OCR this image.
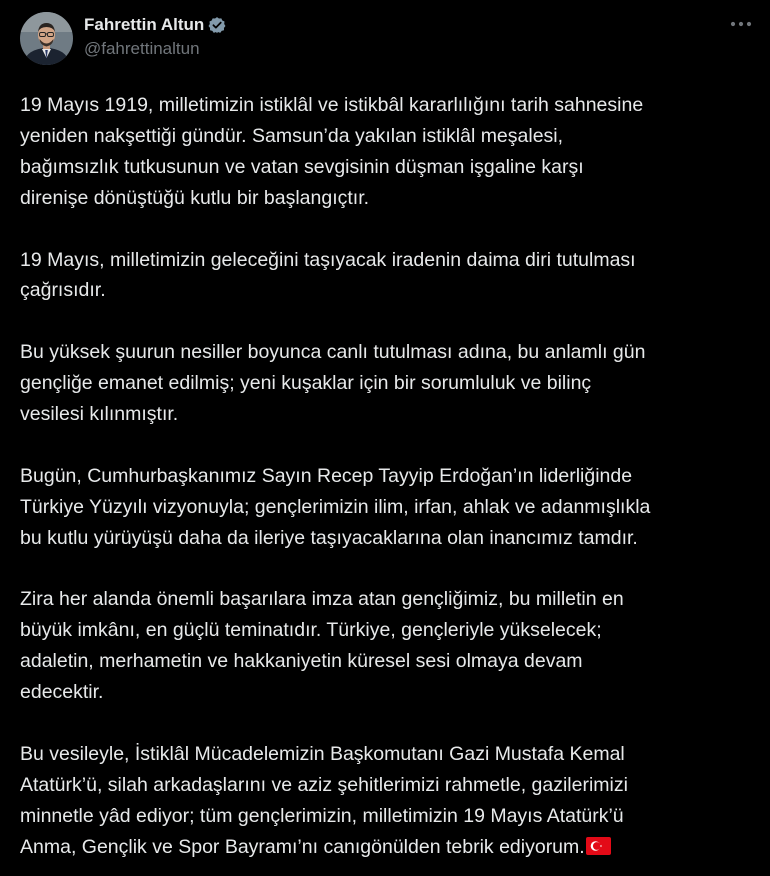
Fahrettin Altun
@fahrettinaltun

19 Mayıs 1919, milletimizin istiklâl ve istikbâl kararlılığını tarih sahnesine
yeniden nakşettiği gündür. Samsun’da yakılan istiklâl meşalesi,
bağımsızlık tutkusunun ve vatan sevgisinin düşman işgaline karşı
direnişe dönüştüğü kutlu bir başlangıçtır.

19 Mayıs, milletimizin geleceğini taşıyacak iradenin daima diri tutulması
çağrısıdır.

Bu yüksek şuurun nesiller boyunca canlı tutulması adına, bu anlamlı gün
gençliğe emanet edilmiş; yeni kuşaklar için bir sorumluluk ve bilinç
vesilesi kılınmıştır.

Bugün, Cumhurbaşkanımız Sayın Recep Tayyip Erdoğan’ın liderliğinde
Türkiye Yüzyılı vizyonuyla; gençlerimizin ilim, irfan, ahlak ve adanmışlıkla
bu kutlu yürüyüşü daha da ileriye taşıyacaklarına olan inancımız tamdır.

Zira her alanda önemli başarılara imza atan gençliğimiz, bu milletin en
büyük imkânı, en güçlü teminatıdır. Türkiye, gençleriyle yükselecek;
adaletin, merhametin ve hakkaniyetin küresel sesi olmaya devam
edecektir.

Bu vesileyle, İstiklâl Mücadelemizin Başkomutanı Gazi Mustafa Kemal
Atatürk’ü, silah arkadaşlarını ve aziz şehitlerimizi rahmetle, gazilerimizi
minnetle yâd ediyor; tüm gençlerimizin, milletimizin 19 Mayıs Atatürk’ü
Anma, Gençlik ve Spor Bayramı’nı canıgönülden tebrik ediyorum.
